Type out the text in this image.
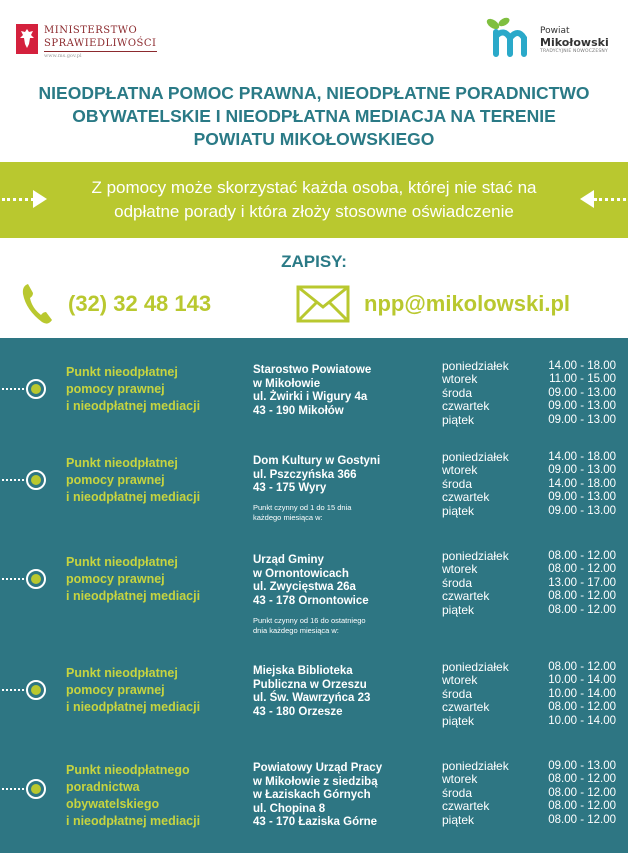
MINISTERSTWO
SPRAWIEDLIWOŚCI
www.ms.gov.pl
Powiat
Mikołowski
TRADYCYJNIE NOWOCZESNY
NIEODPŁATNA POMOC PRAWNA, NIEODPŁATNE PORADNICTWO
OBYWATELSKIE I NIEODPŁATNA MEDIACJA NA TERENIE
POWIATU MIKOŁOWSKIEGO
Z pomocy może skorzystać każda osoba, której nie stać na
odpłatne porady i która złoży stosowne oświadczenie
ZAPISY:
(32) 32 48 143	npp@mikolowski.pl
Punkt nieodpłatnej
pomocy prawnej
i nieodpłatnej mediacji
Starostwo Powiatowe
w Mikołowie
ul. Żwirki i Wigury 4a
43 - 190 Mikołów
poniedziałek
wtorek
środa
czwartek
piątek
14.00 - 18.00
11.00 - 15.00
09.00 - 13.00
09.00 - 13.00
09.00 - 13.00
Punkt nieodpłatnej
pomocy prawnej
i nieodpłatnej mediacji
Dom Kultury w Gostyni
ul. Pszczyńska 366
43 - 175 Wyry
Punkt czynny od 1 do 15 dnia
każdego miesiąca w:
poniedziałek
wtorek
środa
czwartek
piątek
14.00 - 18.00
09.00 - 13.00
14.00 - 18.00
09.00 - 13.00
09.00 - 13.00
Punkt nieodpłatnej
pomocy prawnej
i nieodpłatnej mediacji
Urząd Gminy
w Ornontowicach
ul. Zwycięstwa 26a
43 - 178 Ornontowice
Punkt czynny od 16 do ostatniego
dnia każdego miesiąca w:
poniedziałek
wtorek
środa
czwartek
piątek
08.00 - 12.00
08.00 - 12.00
13.00 - 17.00
08.00 - 12.00
08.00 - 12.00
Punkt nieodpłatnej
pomocy prawnej
i nieodpłatnej mediacji
Miejska Biblioteka
Publiczna w Orzeszu
ul. Św. Wawrzyńca 23
43 - 180 Orzesze
poniedziałek
wtorek
środa
czwartek
piątek
08.00 - 12.00
10.00 - 14.00
10.00 - 14.00
08.00 - 12.00
10.00 - 14.00
Punkt nieodpłatnego
poradnictwa
obywatelskiego
i nieodpłatnej mediacji
Powiatowy Urząd Pracy
w Mikołowie z siedzibą
w Łaziskach Górnych
ul. Chopina 8
43 - 170 Łaziska Górne
poniedziałek
wtorek
środa
czwartek
piątek
09.00 - 13.00
08.00 - 12.00
08.00 - 12.00
08.00 - 12.00
08.00 - 12.00
